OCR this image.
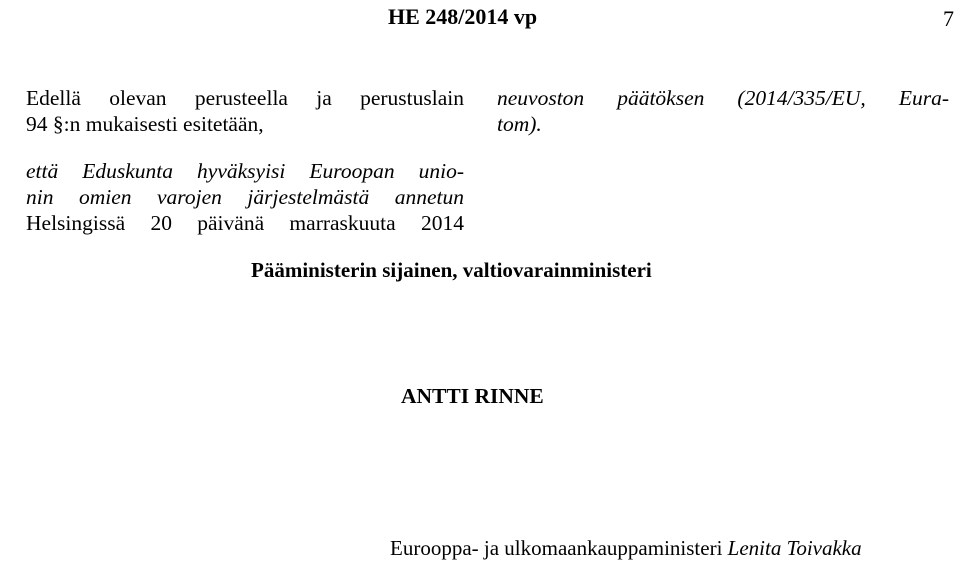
HE 248/2014 vp	7
Edellä olevan perusteella ja perustuslain
94 §:n mukaisesti esitetään,
että Eduskunta hyväksyisi Euroopan unio-
nin omien varojen järjestelmästä annetun
Helsingissä 20 päivänä marraskuuta 2014
neuvoston päätöksen (2014/335/EU, Eura-
tom).
Pääministerin sijainen, valtiovarainministeri
ANTTI RINNE
Eurooppa- ja ulkomaankauppaministeri Lenita Toivakka
